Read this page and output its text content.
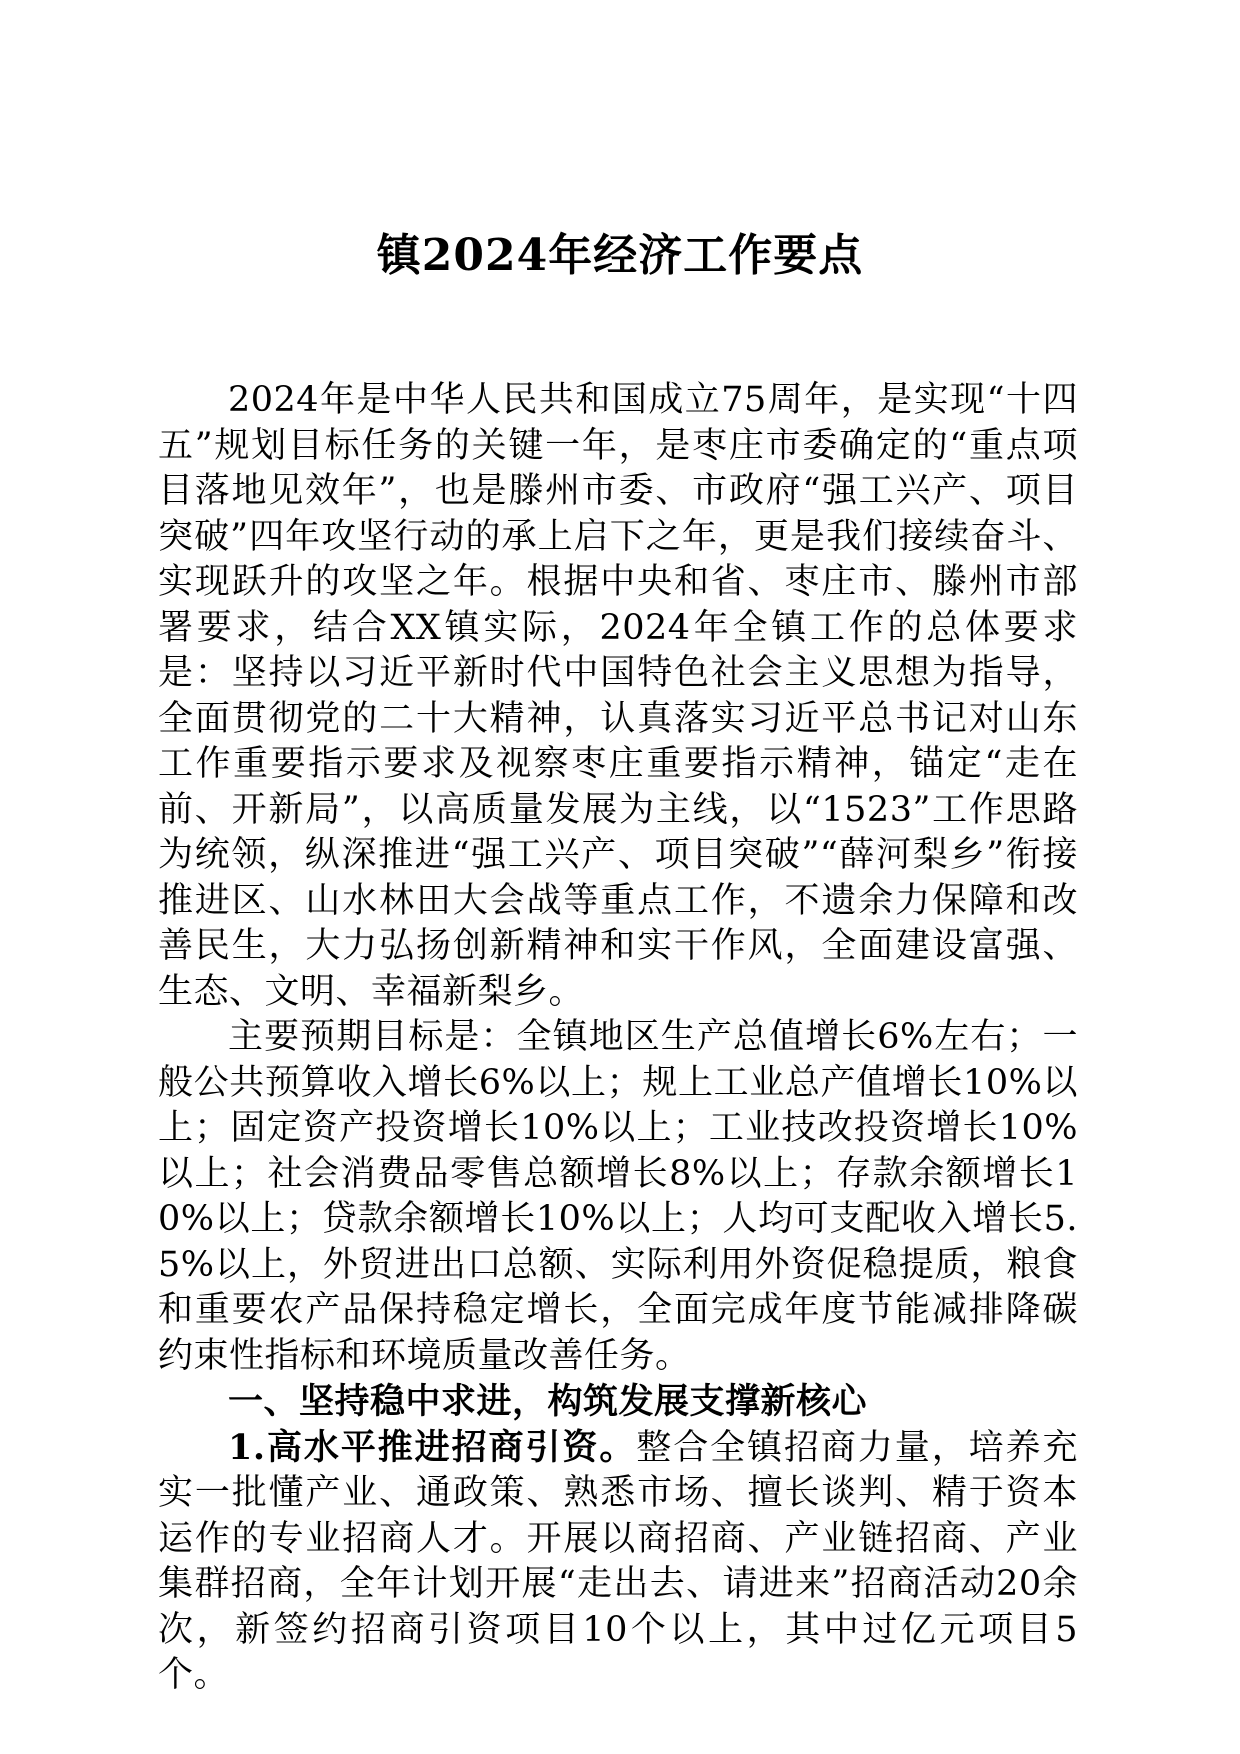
镇2024年经济工作要点

2024年是中华人民共和国成立75周年，是实现“十四五”规划目标任务的关键一年，是枣庄市委确定的“重点项目落地见效年”，也是滕州市委、市政府“强工兴产、项目突破”四年攻坚行动的承上启下之年，更是我们接续奋斗、实现跃升的攻坚之年。根据中央和省、枣庄市、滕州市部署要求，结合XX镇实际，2024年全镇工作的总体要求是：坚持以习近平新时代中国特色社会主义思想为指导，全面贯彻党的二十大精神，认真落实习近平总书记对山东工作重要指示要求及视察枣庄重要指示精神，锚定“走在前、开新局”，以高质量发展为主线，以“1523”工作思路为统领，纵深推进“强工兴产、项目突破”“薛河梨乡”衔接推进区、山水林田大会战等重点工作，不遗余力保障和改善民生，大力弘扬创新精神和实干作风，全面建设富强、生态、文明、幸福新梨乡。

主要预期目标是：全镇地区生产总值增长6%左右；一般公共预算收入增长6%以上；规上工业总产值增长10%以上；固定资产投资增长10%以上；工业技改投资增长10%以上；社会消费品零售总额增长8%以上；存款余额增长10%以上；贷款余额增长10%以上；人均可支配收入增长5.5%以上，外贸进出口总额、实际利用外资促稳提质，粮食和重要农产品保持稳定增长，全面完成年度节能减排降碳约束性指标和环境质量改善任务。

一、坚持稳中求进，构筑发展支撑新核心

1.高水平推进招商引资。整合全镇招商力量，培养充实一批懂产业、通政策、熟悉市场、擅长谈判、精于资本运作的专业招商人才。开展以商招商、产业链招商、产业集群招商，全年计划开展“走出去、请进来”招商活动20余次，新签约招商引资项目10个以上，其中过亿元项目5个。
